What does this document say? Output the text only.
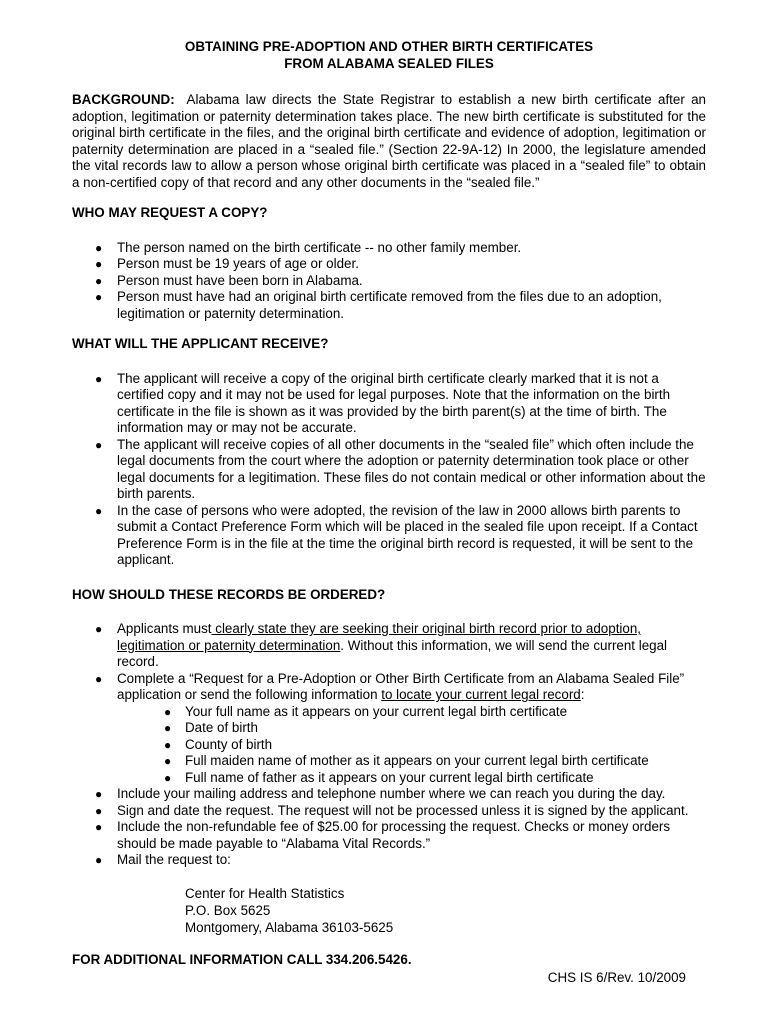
OBTAINING PRE-ADOPTION AND OTHER BIRTH CERTIFICATES

FROM ALABAMA SEALED FILES

BACKGROUND: Alabama law directs the State Registrar to establish a new birth certificate after an adoption, legitimation or paternity determination takes place. The new birth certificate is substituted for the original birth certificate in the files, and the original birth certificate and evidence of adoption, legitimation or paternity determination are placed in a “sealed file.” (Section 22-9A-12) In 2000, the legislature amended the vital records law to allow a person whose original birth certificate was placed in a “sealed file” to obtain a non-certified copy of that record and any other documents in the “sealed file.”

WHO MAY REQUEST A COPY?

● The person named on the birth certificate -- no other family member.
● Person must be 19 years of age or older.
● Person must have been born in Alabama.
● Person must have had an original birth certificate removed from the files due to an adoption, legitimation or paternity determination.

WHAT WILL THE APPLICANT RECEIVE?

● The applicant will receive a copy of the original birth certificate clearly marked that it is not a certified copy and it may not be used for legal purposes. Note that the information on the birth certificate in the file is shown as it was provided by the birth parent(s) at the time of birth. The information may or may not be accurate.
● The applicant will receive copies of all other documents in the “sealed file” which often include the legal documents from the court where the adoption or paternity determination took place or other legal documents for a legitimation. These files do not contain medical or other information about the birth parents.
● In the case of persons who were adopted, the revision of the law in 2000 allows birth parents to submit a Contact Preference Form which will be placed in the sealed file upon receipt. If a Contact Preference Form is in the file at the time the original birth record is requested, it will be sent to the applicant.

HOW SHOULD THESE RECORDS BE ORDERED?

● Applicants must clearly state they are seeking their original birth record prior to adoption, legitimation or paternity determination. Without this information, we will send the current legal record.
● Complete a “Request for a Pre-Adoption or Other Birth Certificate from an Alabama Sealed File” application or send the following information to locate your current legal record:
● Your full name as it appears on your current legal birth certificate
● Date of birth
● County of birth
● Full maiden name of mother as it appears on your current legal birth certificate
● Full name of father as it appears on your current legal birth certificate
● Include your mailing address and telephone number where we can reach you during the day.
● Sign and date the request. The request will not be processed unless it is signed by the applicant.
● Include the non-refundable fee of $25.00 for processing the request. Checks or money orders should be made payable to “Alabama Vital Records.”
● Mail the request to:
Center for Health Statistics
P.O. Box 5625
Montgomery, Alabama 36103-5625

FOR ADDITIONAL INFORMATION CALL 334.206.5426.

CHS IS 6/Rev. 10/2009
